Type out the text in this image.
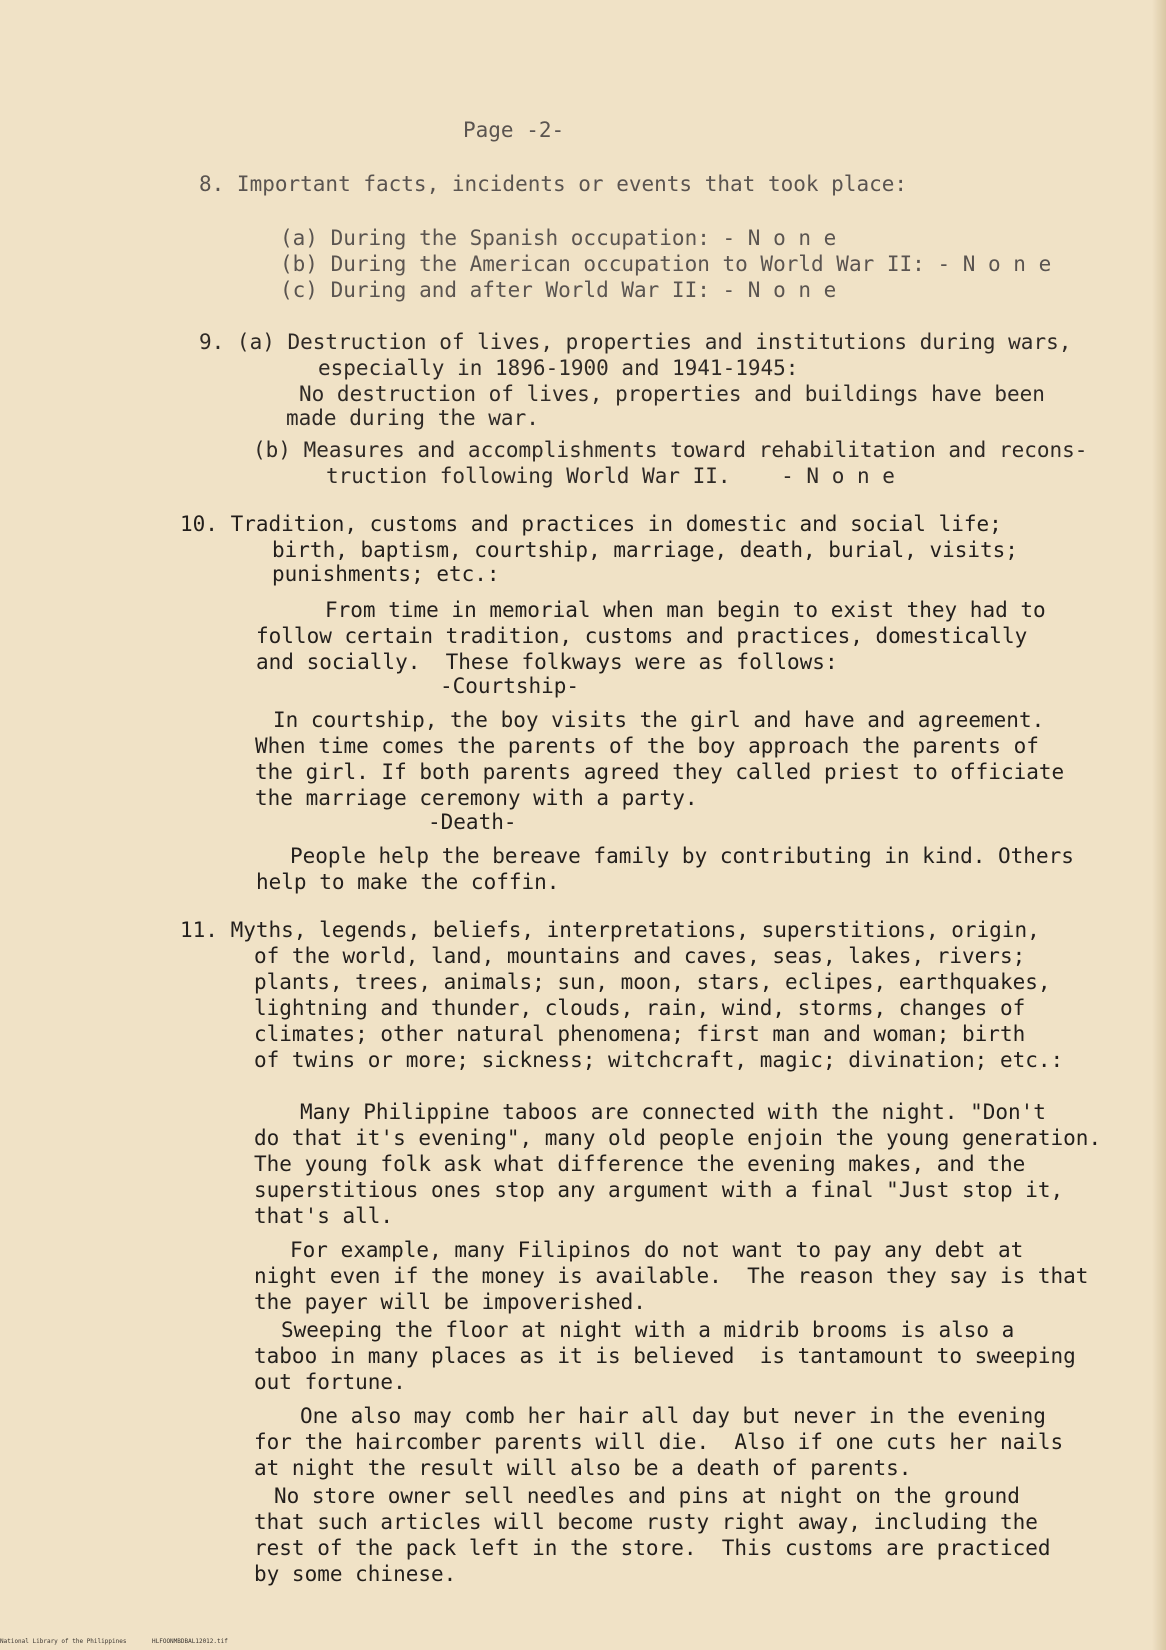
Page -2-
8. Important facts, incidents or events that took place:
(a) During the Spanish occupation: - N o n e
(b) During the American occupation to World War II: - N o n e
(c) During and after World War II: - N o n e
9. (a) Destruction of lives, properties and institutions during wars,
especially in 1896-1900 and 1941-1945:
No destruction of lives, properties and buildings have been
made during the war.
(b) Measures and accomplishments toward rehabilitation and recons-
truction following World War II.    - N o n e
10. Tradition, customs and practices in domestic and social life;
birth, baptism, courtship, marriage, death, burial, visits;
punishments; etc.:
From time in memorial when man begin to exist they had to
follow certain tradition, customs and practices, domestically
and socially.  These folkways were as follows:
-Courtship-
In courtship, the boy visits the girl and have and agreement.
When time comes the parents of the boy approach the parents of
the girl. If both parents agreed they called priest to officiate
the marriage ceremony with a party.
-Death-
People help the bereave family by contributing in kind. Others
help to make the coffin.
11. Myths, legends, beliefs, interpretations, superstitions, origin,
of the world, land, mountains and caves, seas, lakes, rivers;
plants, trees, animals; sun, moon, stars, eclipes, earthquakes,
lightning and thunder, clouds, rain, wind, storms, changes of
climates; other natural phenomena; first man and woman; birth
of twins or more; sickness; witchcraft, magic; divination; etc.:
Many Philippine taboos are connected with the night. "Don't
do that it's evening", many old people enjoin the young generation.
The young folk ask what difference the evening makes, and the
superstitious ones stop any argument with a final "Just stop it,
that's all.
For example, many Filipinos do not want to pay any debt at
night even if the money is available.  The reason they say is that
the payer will be impoverished.
Sweeping the floor at night with a midrib brooms is also a
taboo in many places as it is believed  is tantamount to sweeping
out fortune.
One also may comb her hair all day but never in the evening
for the haircomber parents will die.  Also if one cuts her nails
at night the result will also be a death of parents.
No store owner sell needles and pins at night on the ground
that such articles will become rusty right away, including the
rest of the pack left in the store.  This customs are practiced
by some chinese.
National Library of the Philippines	HLFOONMBDBAL12012.tif
